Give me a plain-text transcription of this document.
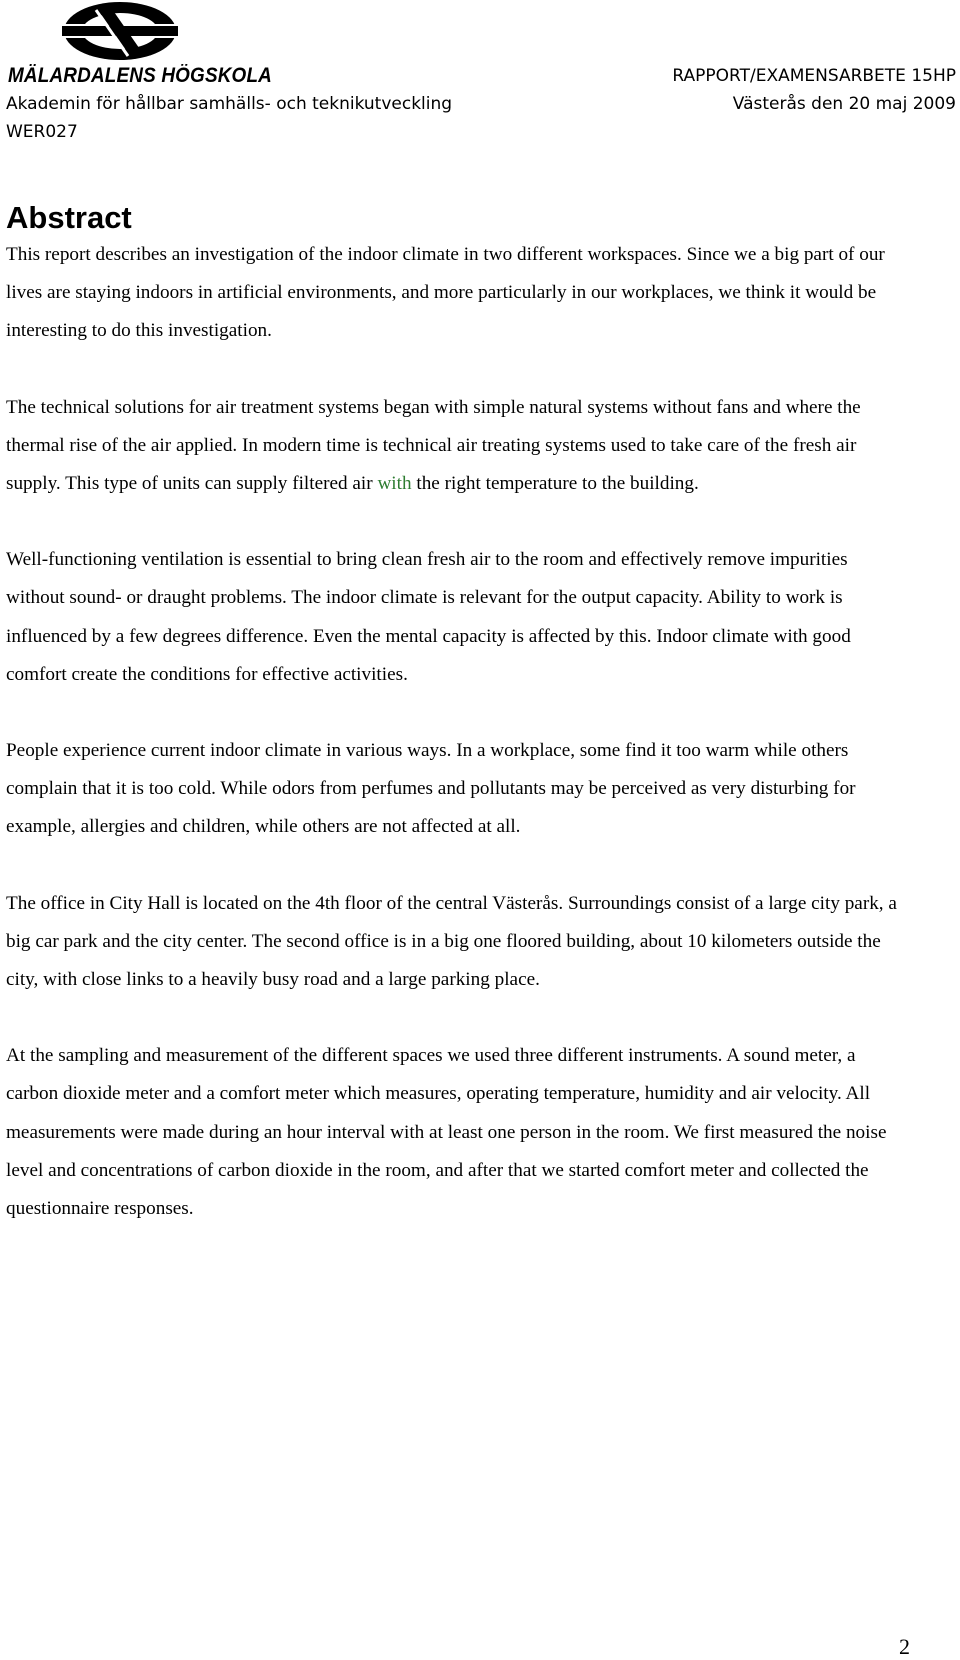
MÄLARDALENS HÖGSKOLA	RAPPORT/EXAMENSARBETE 15HP
Akademin för hållbar samhälls- och teknikutveckling	Västerås den 20 maj 2009
WER027
Abstract

This report describes an investigation of the indoor climate in two different workspaces. Since we a big part of our lives are staying indoors in artificial environments, and more particularly in our workplaces, we think it would be interesting to do this investigation.

The technical solutions for air treatment systems began with simple natural systems without fans and where the thermal rise of the air applied. In modern time is technical air treating systems used to take care of the fresh air supply. This type of units can supply filtered air with the right temperature to the building.

Well-functioning ventilation is essential to bring clean fresh air to the room and effectively remove impurities without sound- or draught problems. The indoor climate is relevant for the output capacity. Ability to work is influenced by a few degrees difference. Even the mental capacity is affected by this. Indoor climate with good comfort create the conditions for effective activities.

People experience current indoor climate in various ways. In a workplace, some find it too warm while others complain that it is too cold. While odors from perfumes and pollutants may be perceived as very disturbing for example, allergies and children, while others are not affected at all.

The office in City Hall is located on the 4th floor of the central Västerås. Surroundings consist of a large city park, a big car park and the city center. The second office is in a big one floored building, about 10 kilometers outside the city, with close links to a heavily busy road and a large parking place.

At the sampling and measurement of the different spaces we used three different instruments. A sound meter, a carbon dioxide meter and a comfort meter which measures, operating temperature, humidity and air velocity. All measurements were made during an hour interval with at least one person in the room. We first measured the noise level and concentrations of carbon dioxide in the room, and after that we started comfort meter and collected the questionnaire responses.

2
